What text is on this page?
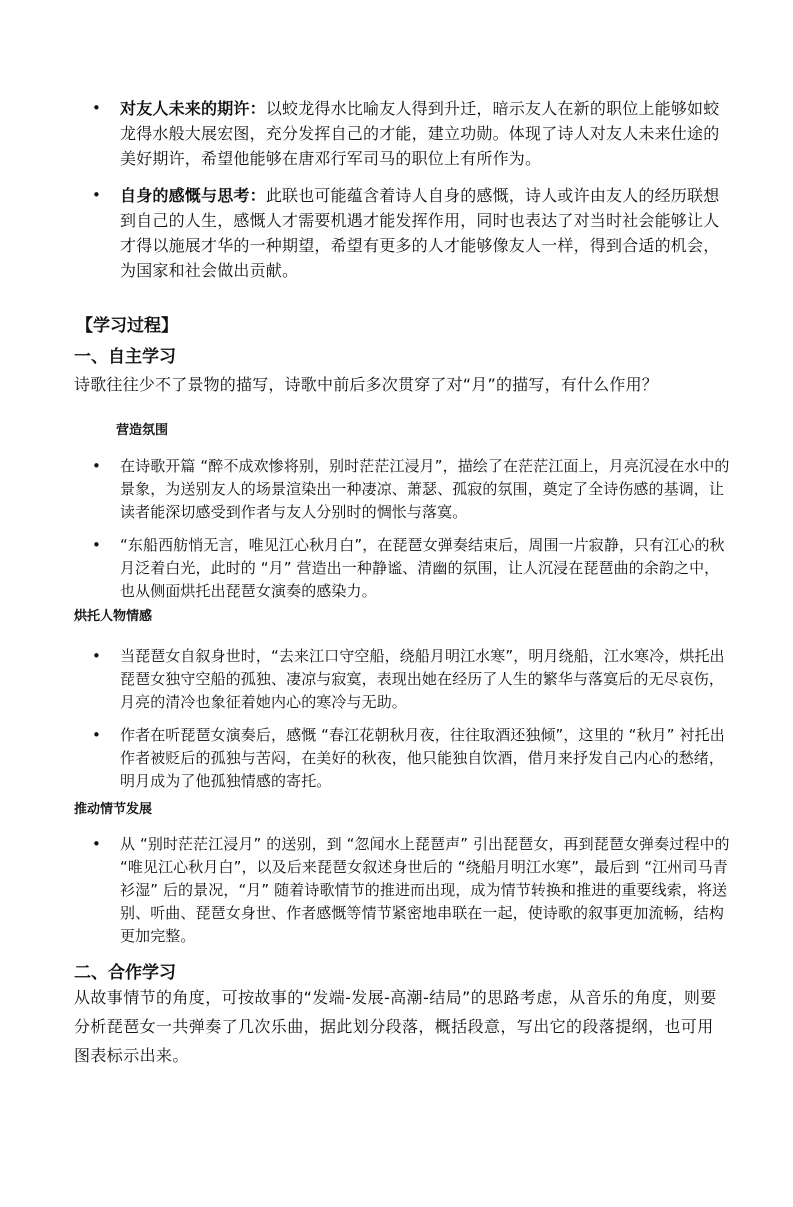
• 对友人未来的期许：以蛟龙得水比喻友人得到升迁，暗示友人在新的职位上能够如蛟龙得水般大展宏图，充分发挥自己的才能，建立功勋。体现了诗人对友人未来仕途的美好期许，希望他能够在唐邓行军司马的职位上有所作为。
• 自身的感慨与思考：此联也可能蕴含着诗人自身的感慨，诗人或许由友人的经历联想到自己的人生，感慨人才需要机遇才能发挥作用，同时也表达了对当时社会能够让人才得以施展才华的一种期望，希望有更多的人才能够像友人一样，得到合适的机会，为国家和社会做出贡献。
【学习过程】
一、自主学习
诗歌往往少不了景物的描写，诗歌中前后多次贯穿了对“月”的描写，有什么作用？
营造氛围
• 在诗歌开篇 “醉不成欢惨将别，别时茫茫江浸月”，描绘了在茫茫江面上，月亮沉浸在水中的景象，为送别友人的场景渲染出一种凄凉、萧瑟、孤寂的氛围，奠定了全诗伤感的基调，让读者能深切感受到作者与友人分别时的惆怅与落寞。
• “东船西舫悄无言，唯见江心秋月白”，在琵琶女弹奏结束后，周围一片寂静，只有江心的秋月泛着白光，此时的 “月” 营造出一种静谧、清幽的氛围，让人沉浸在琵琶曲的余韵之中，也从侧面烘托出琵琶女演奏的感染力。
烘托人物情感
• 当琵琶女自叙身世时，“去来江口守空船，绕船月明江水寒”，明月绕船，江水寒冷，烘托出琵琶女独守空船的孤独、凄凉与寂寞，表现出她在经历了人生的繁华与落寞后的无尽哀伤，月亮的清冷也象征着她内心的寒冷与无助。
• 作者在听琵琶女演奏后，感慨 “春江花朝秋月夜，往往取酒还独倾”，这里的 “秋月” 衬托出作者被贬后的孤独与苦闷，在美好的秋夜，他只能独自饮酒，借月来抒发自己内心的愁绪，明月成为了他孤独情感的寄托。
推动情节发展
• 从 “别时茫茫江浸月” 的送别，到 “忽闻水上琵琶声” 引出琵琶女，再到琵琶女弹奏过程中的 “唯见江心秋月白”，以及后来琵琶女叙述身世后的 “绕船月明江水寒”，最后到 “江州司马青衫湿” 后的景况，“月” 随着诗歌情节的推进而出现，成为情节转换和推进的重要线索，将送别、听曲、琵琶女身世、作者感慨等情节紧密地串联在一起，使诗歌的叙事更加流畅，结构更加完整。
二、合作学习
从故事情节的角度，可按故事的“发端-发展-高潮-结局”的思路考虑，从音乐的角度，则要分析琵琶女一共弹奏了几次乐曲，据此划分段落，概括段意，写出它的段落提纲，也可用图表标示出来。
